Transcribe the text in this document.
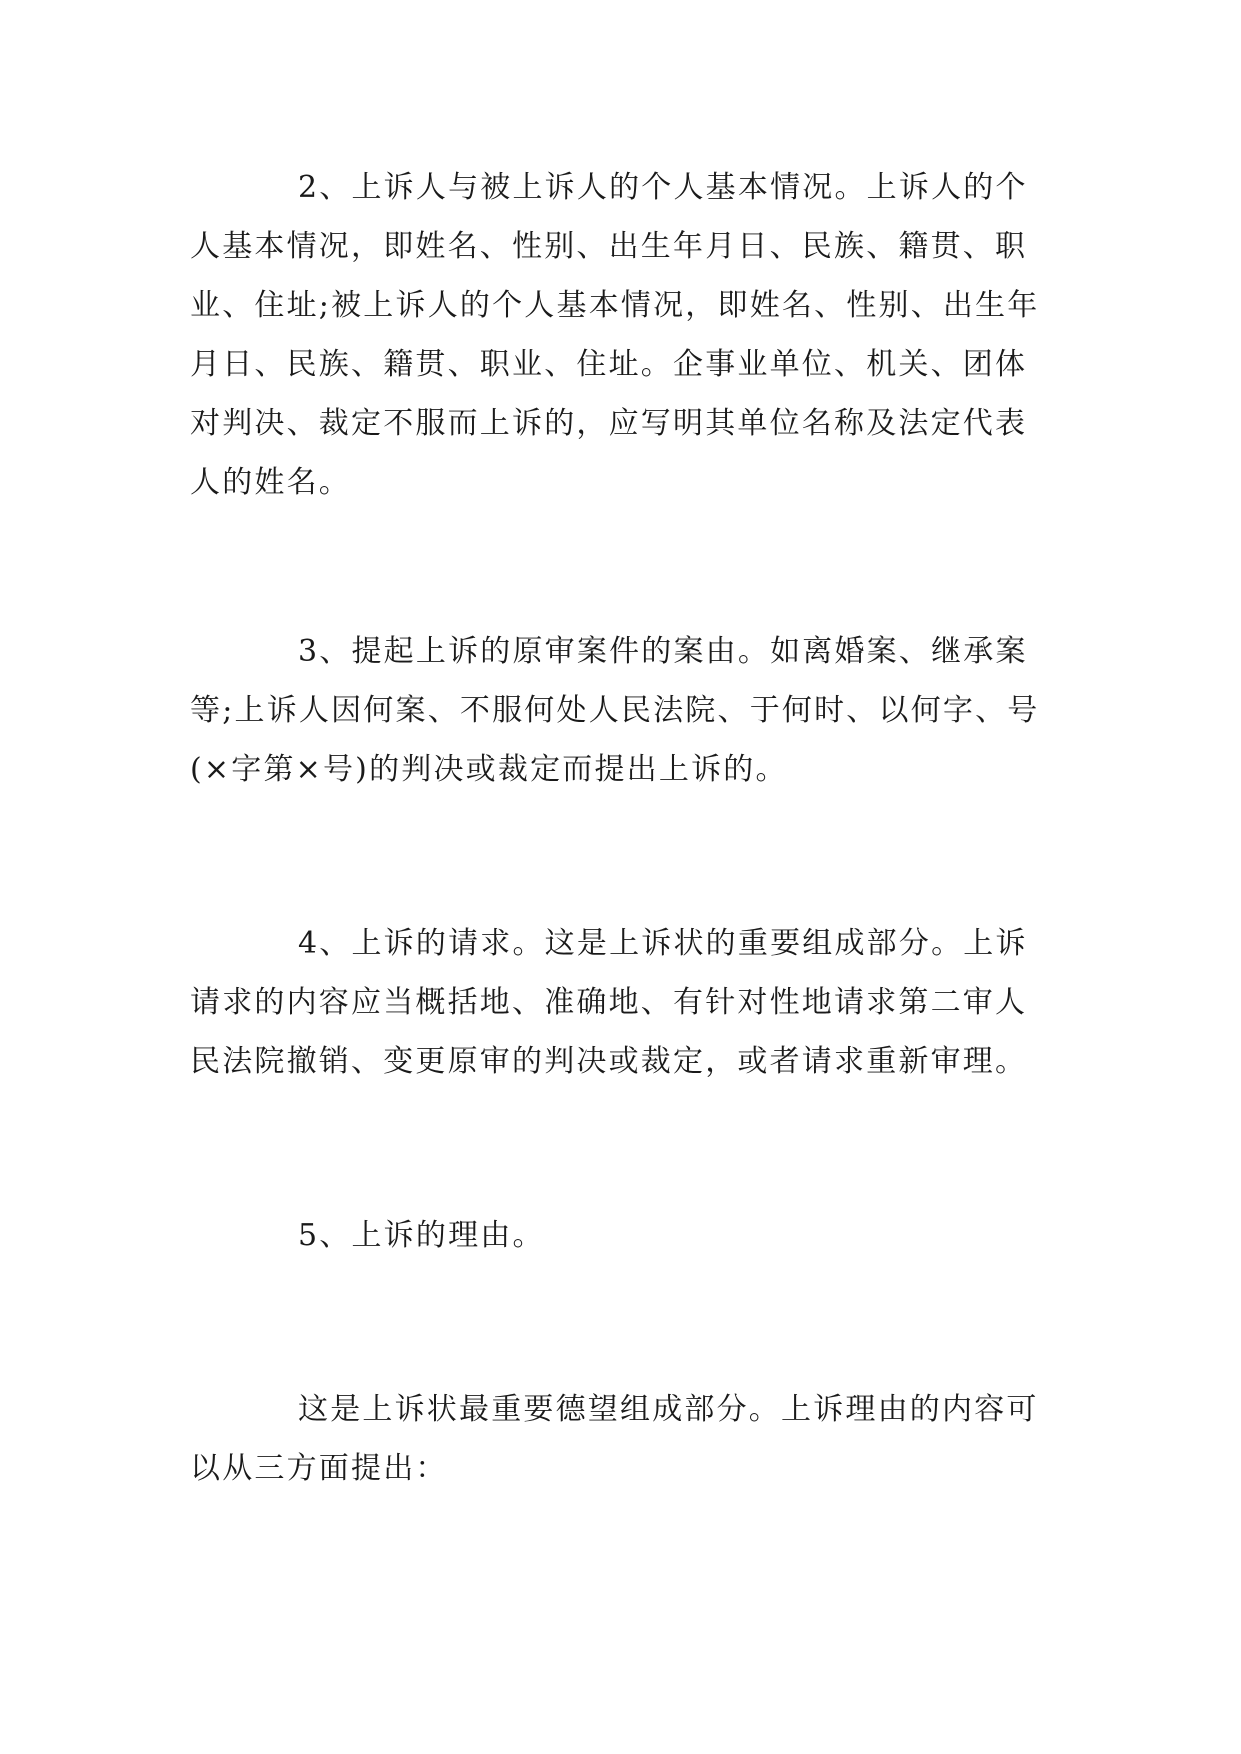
2、上诉人与被上诉人的个人基本情况。上诉人的个人基本情况，即姓名、性别、出生年月日、民族、籍贯、职业、住址;被上诉人的个人基本情况，即姓名、性别、出生年月日、民族、籍贯、职业、住址。企事业单位、机关、团体对判决、裁定不服而上诉的，应写明其单位名称及法定代表人的姓名。

3、提起上诉的原审案件的案由。如离婚案、继承案等;上诉人因何案、不服何处人民法院、于何时、以何字、号(×字第×号)的判决或裁定而提出上诉的。

4、上诉的请求。这是上诉状的重要组成部分。上诉请求的内容应当概括地、准确地、有针对性地请求第二审人民法院撤销、变更原审的判决或裁定，或者请求重新审理。

5、上诉的理由。

这是上诉状最重要德望组成部分。上诉理由的内容可以从三方面提出：
